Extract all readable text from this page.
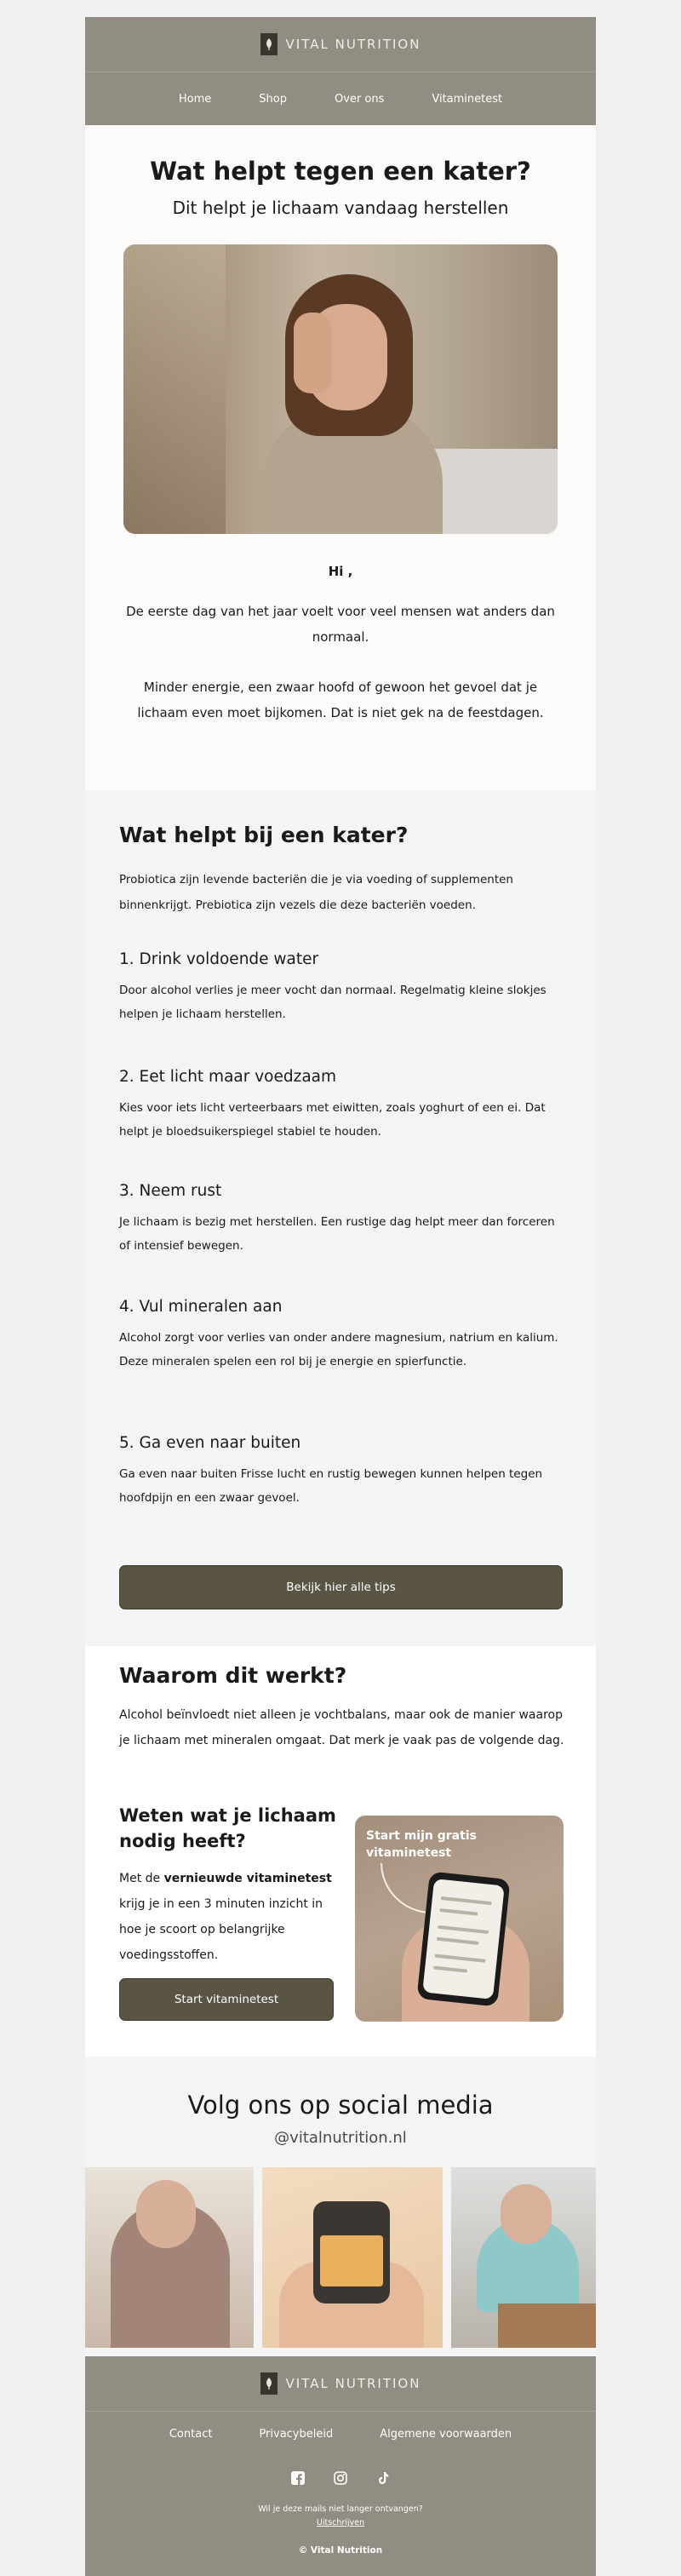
VITAL NUTRITION
Home	Shop	Over ons	Vitaminetest
Wat helpt tegen een kater?
Dit helpt je lichaam vandaag herstellen
Hi ,

De eerste dag van het jaar voelt voor veel mensen wat anders dan normaal.

Minder energie, een zwaar hoofd of gewoon het gevoel dat je lichaam even moet bijkomen. Dat is niet gek na de feestdagen.

Wat helpt bij een kater?
Probiotica zijn levende bacteriën die je via voeding of supplementen binnenkrijgt. Prebiotica zijn vezels die deze bacteriën voeden.
1. Drink voldoende water

Door alcohol verlies je meer vocht dan normaal. Regelmatig kleine slokjes helpen je lichaam herstellen.

2. Eet licht maar voedzaam

Kies voor iets licht verteerbaars met eiwitten, zoals yoghurt of een ei. Dat helpt je bloedsuikerspiegel stabiel te houden.

3. Neem rust

Je lichaam is bezig met herstellen. Een rustige dag helpt meer dan forceren of intensief bewegen.

4. Vul mineralen aan

Alcohol zorgt voor verlies van onder andere magnesium, natrium en kalium. Deze mineralen spelen een rol bij je energie en spierfunctie.

5. Ga even naar buiten

Ga even naar buiten Frisse lucht en rustig bewegen kunnen helpen tegen hoofdpijn en een zwaar gevoel.

Bekijk hier alle tips
Waarom dit werkt?
Alcohol beïnvloedt niet alleen je vochtbalans, maar ook de manier waarop je lichaam met mineralen omgaat. Dat merk je vaak pas de volgende dag.
Weten wat je lichaam nodig heeft?
Met de vernieuwde vitaminetest krijg je in een 3 minuten inzicht in hoe je scoort op belangrijke voedingsstoffen.
Start vitaminetest
Start mijn gratis vitaminetest
Volg ons op social media
@vitalnutrition.nl
VITAL NUTRITION
Contact	Privacybeleid	Algemene voorwaarden
Wil je deze mails niet langer ontvangen?
Uitschrijven
© Vital Nutrition
